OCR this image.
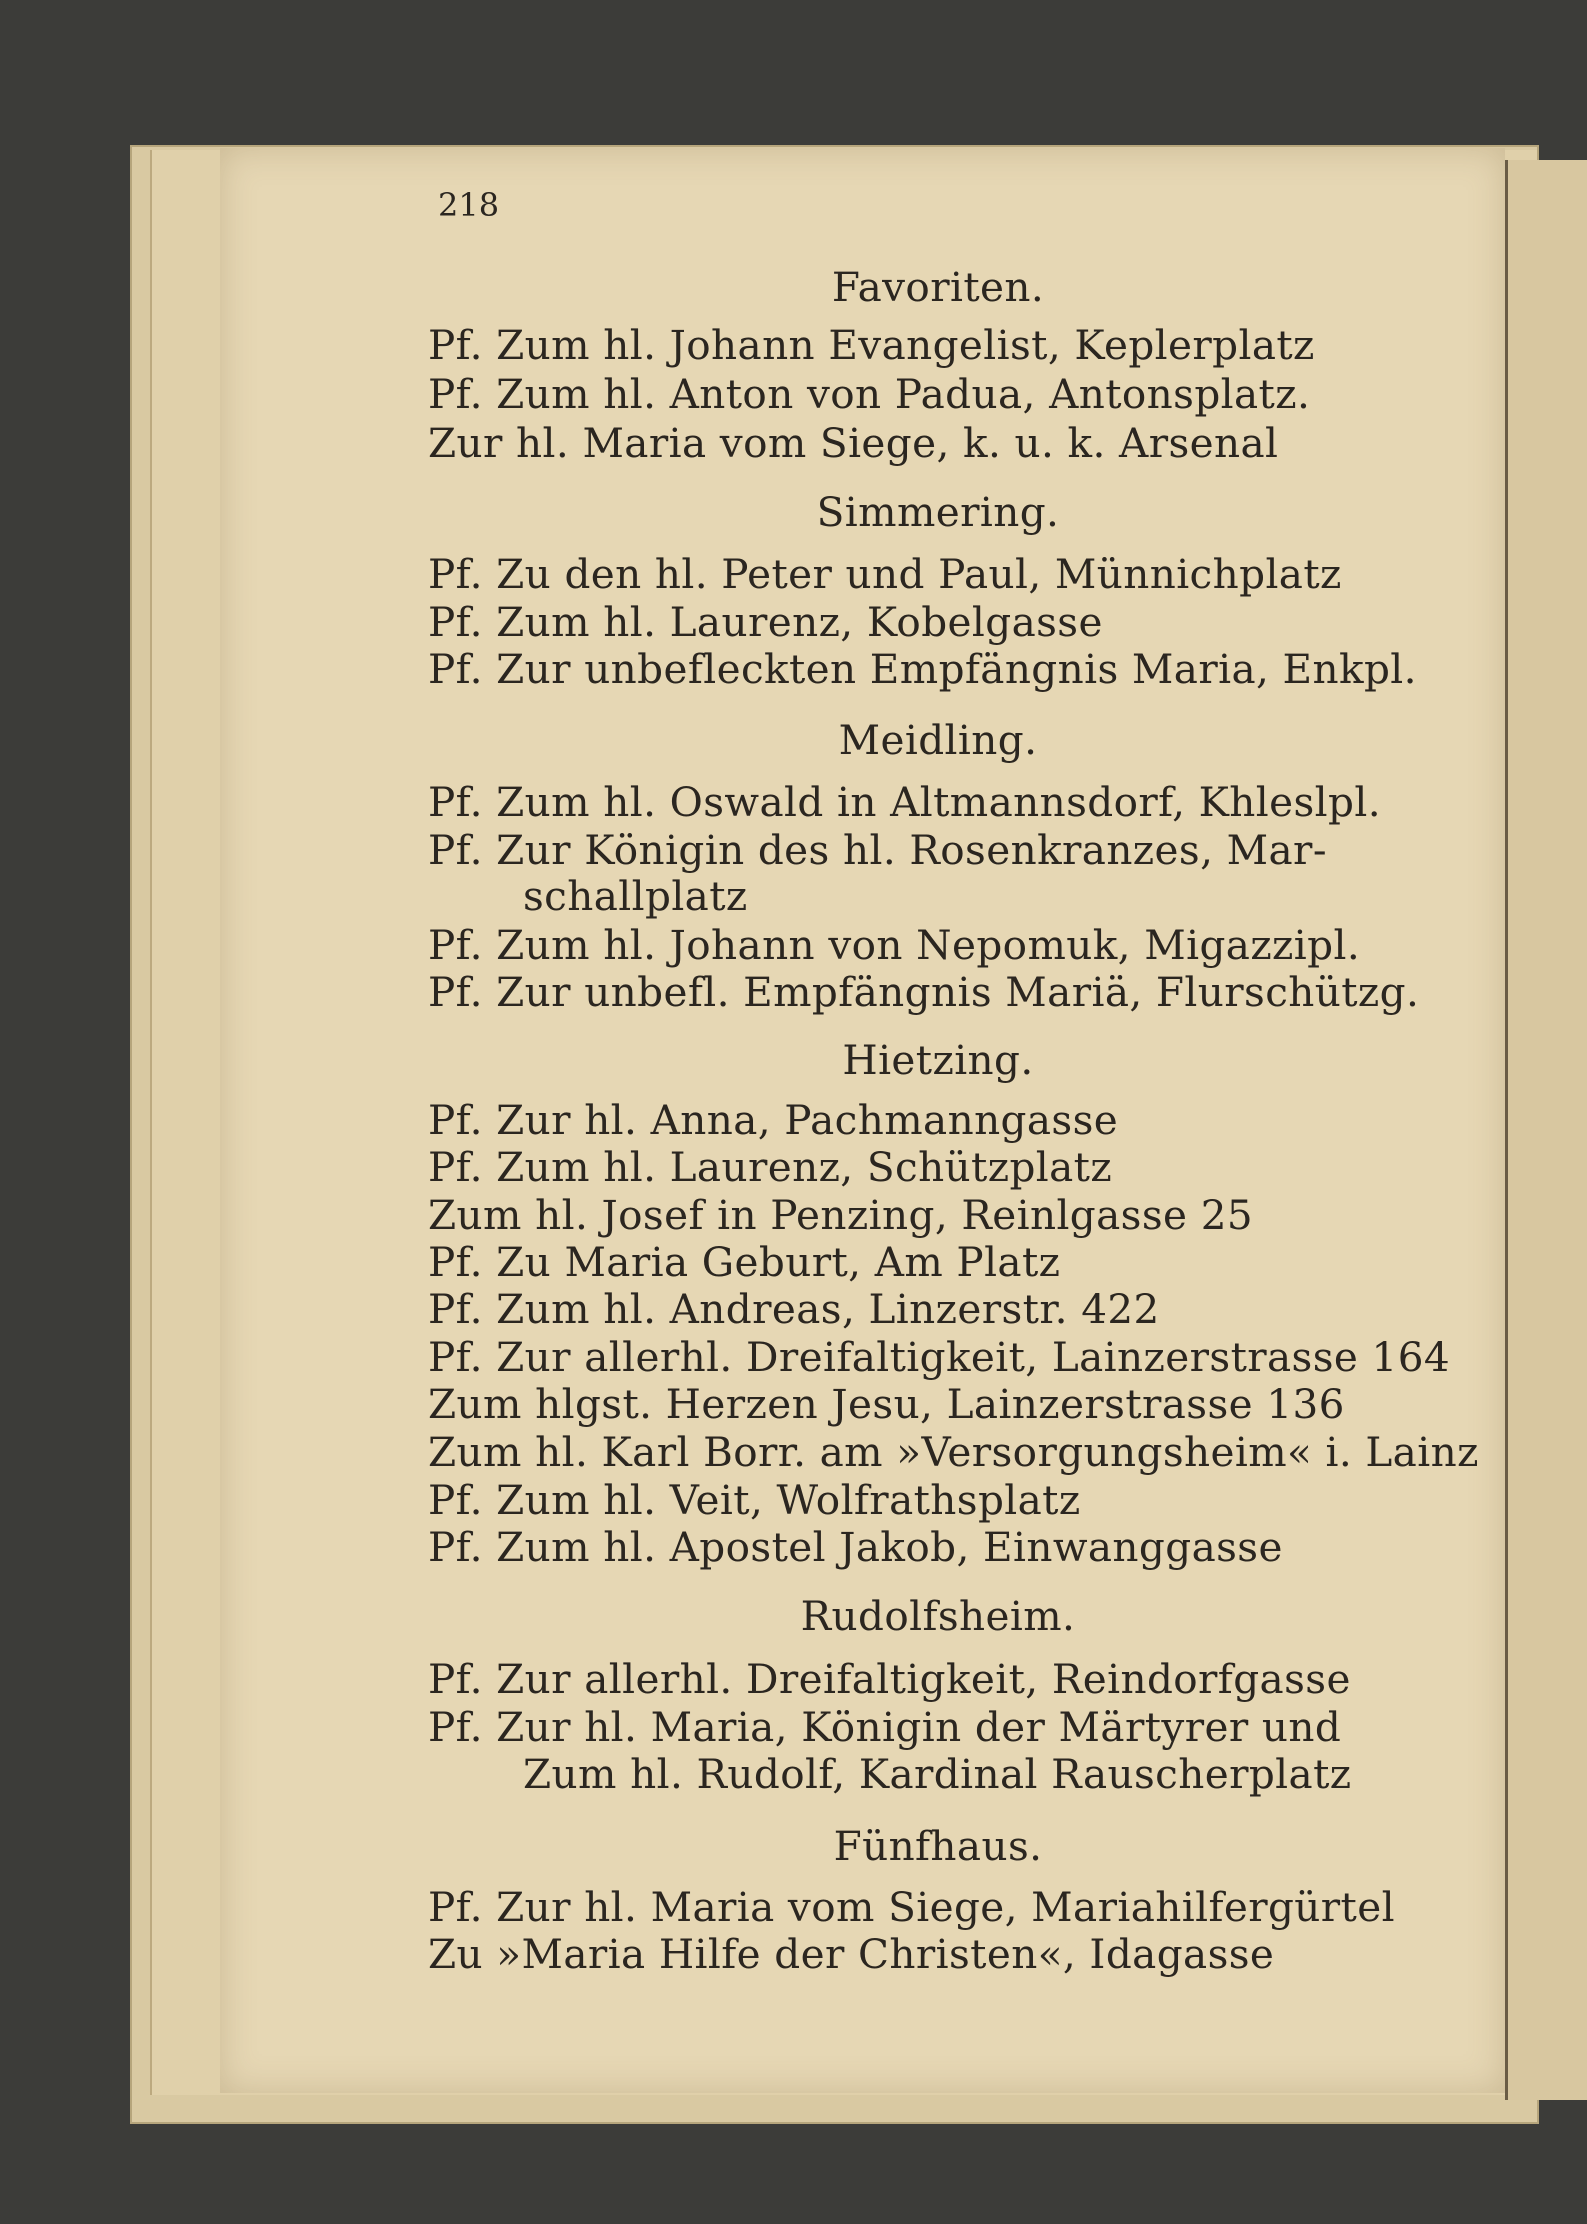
218
Favoriten.
Pf. Zum hl. Johann Evangelist, Keplerplatz
Pf. Zum hl. Anton von Padua, Antonsplatz.
Zur hl. Maria vom Siege, k. u. k. Arsenal
Simmering.
Pf. Zu den hl. Peter und Paul, Münnichplatz
Pf. Zum hl. Laurenz, Kobelgasse
Pf. Zur unbefleckten Empfängnis Maria, Enkpl.
Meidling.
Pf. Zum hl. Oswald in Altmannsdorf, Khleslpl.
Pf. Zur Königin des hl. Rosenkranzes, Mar-
schallplatz
Pf. Zum hl. Johann von Nepomuk, Migazzipl.
Pf. Zur unbefl. Empfängnis Mariä, Flurschützg.
Hietzing.
Pf. Zur hl. Anna, Pachmanngasse
Pf. Zum hl. Laurenz, Schützplatz
Zum hl. Josef in Penzing, Reinlgasse 25
Pf. Zu Maria Geburt, Am Platz
Pf. Zum hl. Andreas, Linzerstr. 422
Pf. Zur allerhl. Dreifaltigkeit, Lainzerstrasse 164
Zum hlgst. Herzen Jesu, Lainzerstrasse 136
Zum hl. Karl Borr. am »Versorgungsheim« i. Lainz
Pf. Zum hl. Veit, Wolfrathsplatz
Pf. Zum hl. Apostel Jakob, Einwanggasse
Rudolfsheim.
Pf. Zur allerhl. Dreifaltigkeit, Reindorfgasse
Pf. Zur hl. Maria, Königin der Märtyrer und
Zum hl. Rudolf, Kardinal Rauscherplatz
Fünfhaus.
Pf. Zur hl. Maria vom Siege, Mariahilfergürtel
Zu »Maria Hilfe der Christen«, Idagasse
